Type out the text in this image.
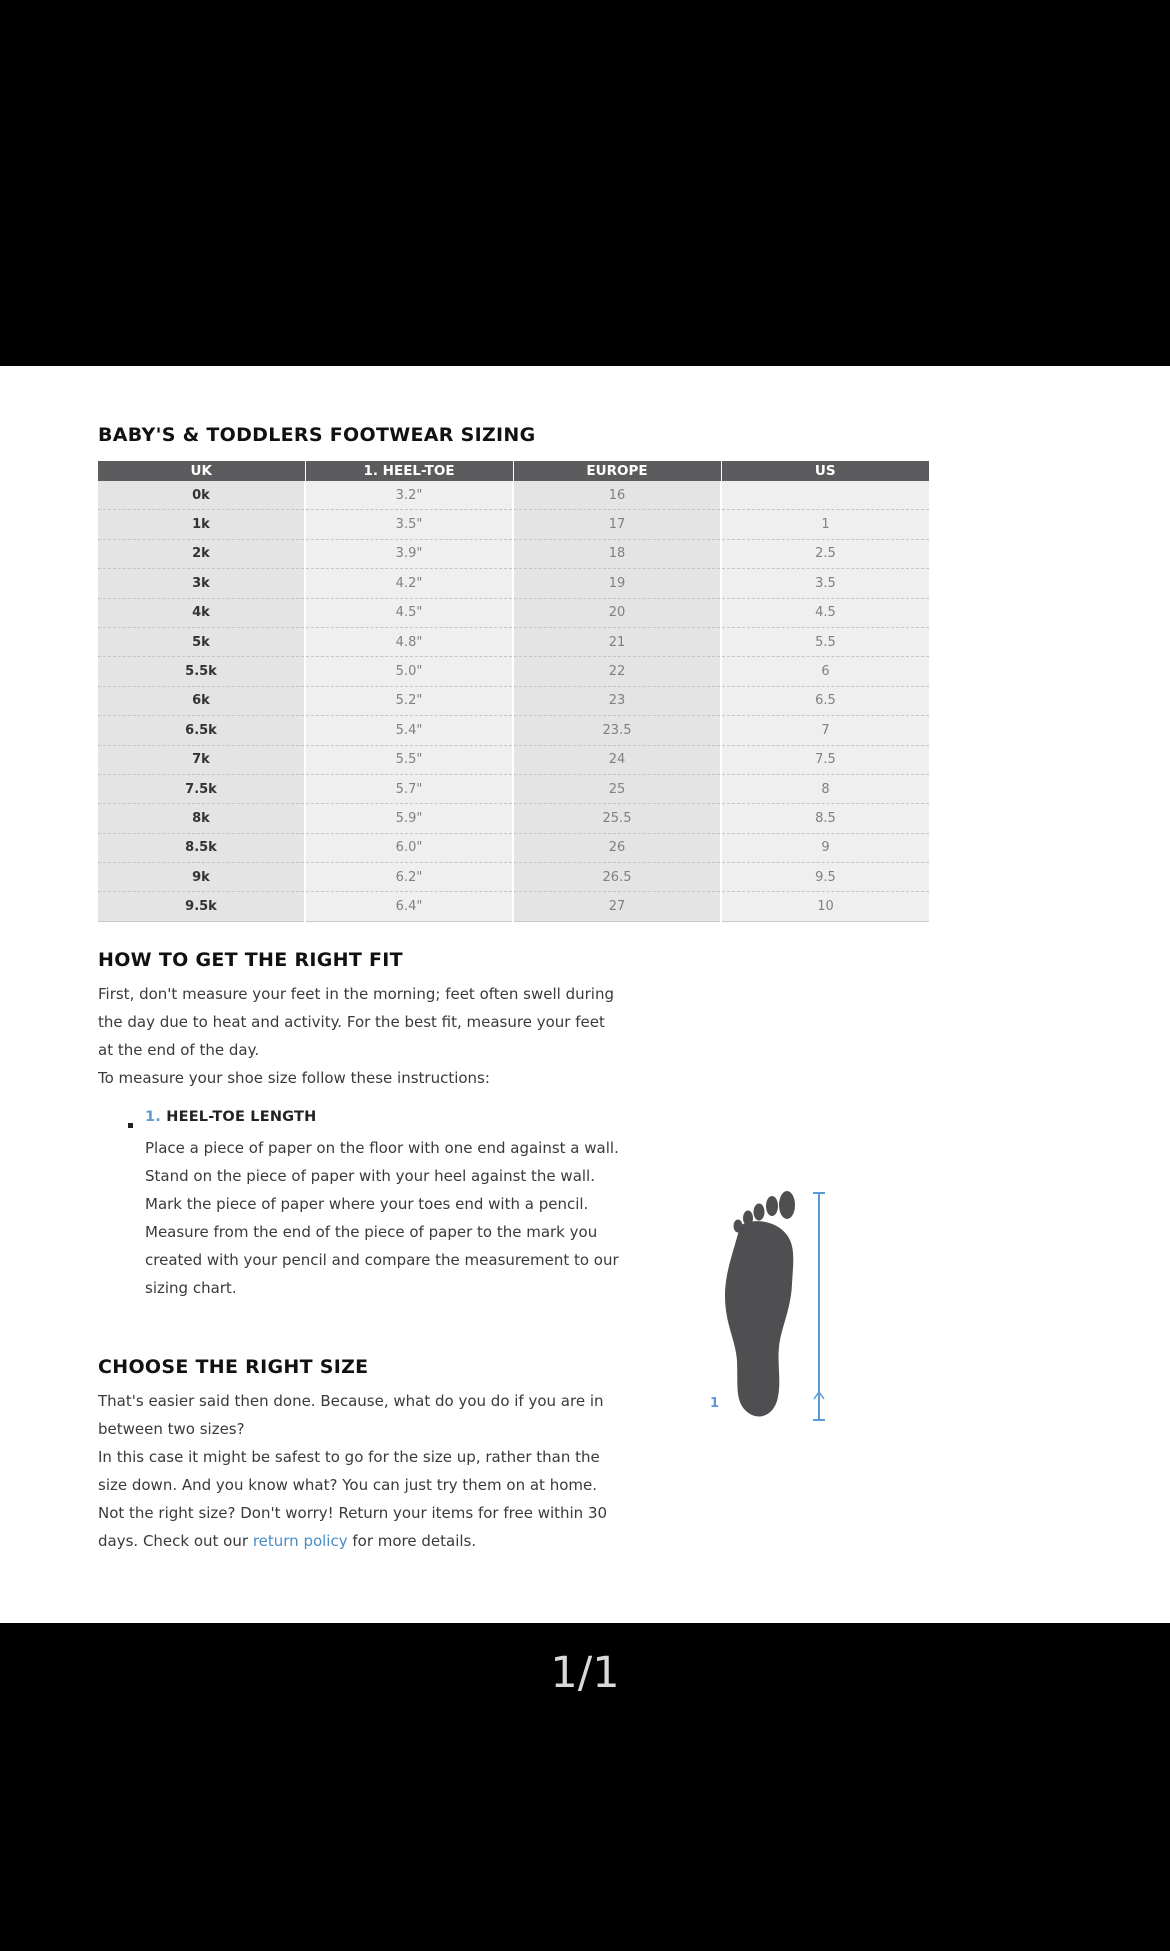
BABY'S & TODDLERS FOOTWEAR SIZING
UK	1. HEEL-TOE	EUROPE	US
0k	3.2"	16	
1k	3.5"	17	1
2k	3.9"	18	2.5
3k	4.2"	19	3.5
4k	4.5"	20	4.5
5k	4.8"	21	5.5
5.5k	5.0"	22	6
6k	5.2"	23	6.5
6.5k	5.4"	23.5	7
7k	5.5"	24	7.5
7.5k	5.7"	25	8
8k	5.9"	25.5	8.5
8.5k	6.0"	26	9
9k	6.2"	26.5	9.5
9.5k	6.4"	27	10
HOW TO GET THE RIGHT FIT

First, don't measure your feet in the morning; feet often swell during the day due to heat and activity. For the best fit, measure your feet at the end of the day.

To measure your shoe size follow these instructions:

1. HEEL-TOE LENGTH

Place a piece of paper on the floor with one end against a wall. Stand on the piece of paper with your heel against the wall. Mark the piece of paper where your toes end with a pencil. Measure from the end of the piece of paper to the mark you created with your pencil and compare the measurement to our sizing chart.

1
CHOOSE THE RIGHT SIZE

That's easier said then done. Because, what do you do if you are in between two sizes?

In this case it might be safest to go for the size up, rather than the size down. And you know what? You can just try them on at home.

Not the right size? Don't worry! Return your items for free within 30 days. Check out our return policy for more details.

1/1
